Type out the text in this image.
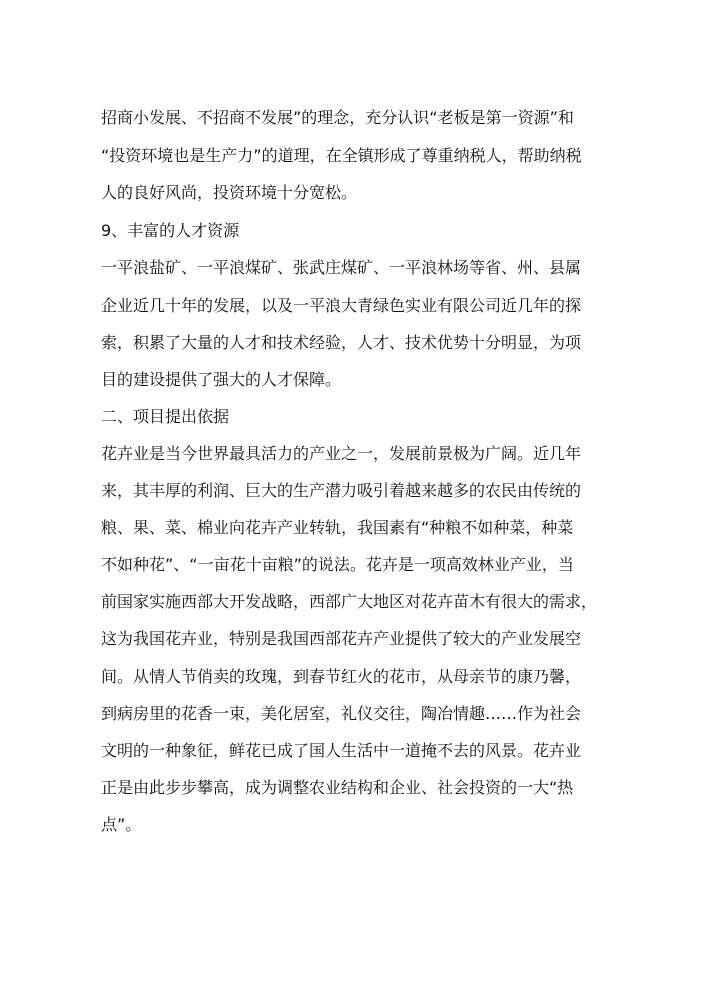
招商小发展、不招商不发展”的理念，充分认识“老板是第一资源”和
“投资环境也是生产力”的道理，在全镇形成了尊重纳税人，帮助纳税
人的良好风尚，投资环境十分宽松。
9、丰富的人才资源
一平浪盐矿、一平浪煤矿、张武庄煤矿、一平浪林场等省、州、县属
企业近几十年的发展，以及一平浪大青绿色实业有限公司近几年的探
索，积累了大量的人才和技术经验，人才、技术优势十分明显，为项
目的建设提供了强大的人才保障。
二、项目提出依据
花卉业是当今世界最具活力的产业之一，发展前景极为广阔。近几年
来，其丰厚的利润、巨大的生产潜力吸引着越来越多的农民由传统的
粮、果、菜、棉业向花卉产业转轨，我国素有“种粮不如种菜，种菜
不如种花”、“一亩花十亩粮”的说法。花卉是一项高效林业产业，当
前国家实施西部大开发战略，西部广大地区对花卉苗木有很大的需求，
这为我国花卉业，特别是我国西部花卉产业提供了较大的产业发展空
间。从情人节俏卖的玫瑰，到春节红火的花市，从母亲节的康乃馨，
到病房里的花香一束，美化居室，礼仪交往，陶冶情趣……作为社会
文明的一种象征，鲜花已成了国人生活中一道掩不去的风景。花卉业
正是由此步步攀高，成为调整农业结构和企业、社会投资的一大“热
点”。
